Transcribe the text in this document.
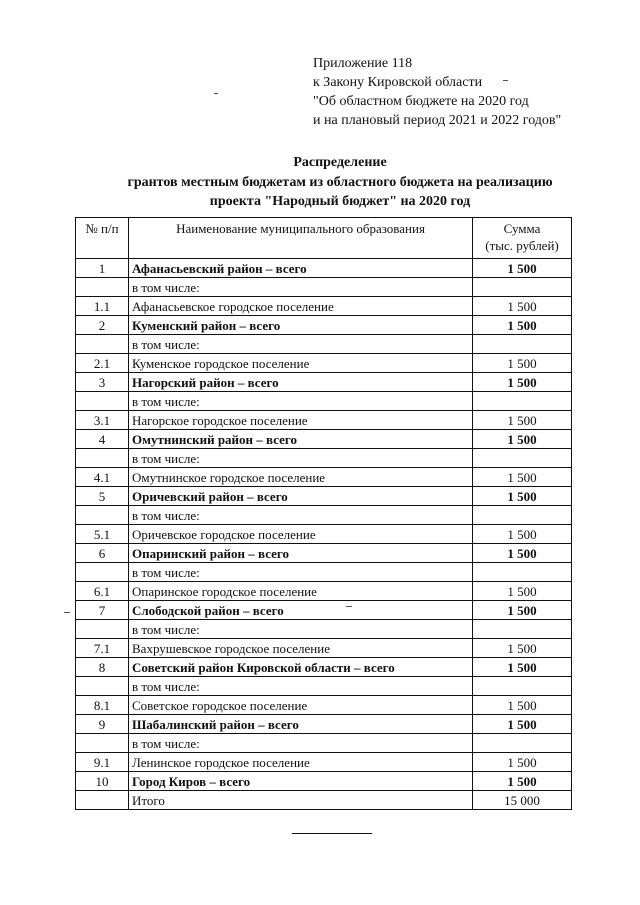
Приложение 118
к Закону Кировской области
"Об областном бюджете на 2020 год
и на плановый период 2021 и 2022 годов"
Распределение
грантов местным бюджетам из областного бюджета на реализацию
проекта "Народный бюджет" на 2020 год
№ п/п	Наименование муниципального образования	Сумма
(тыс. рублей)

1	Афанасьевский район – всего	1 500
	в том числе:	
1.1	Афанасьевское городское поселение	1 500
2	Куменский район – всего	1 500
	в том числе:	
2.1	Куменское городское поселение	1 500
3	Нагорский район – всего	1 500
	в том числе:	
3.1	Нагорское городское поселение	1 500
4	Омутнинский район – всего	1 500
	в том числе:	
4.1	Омутнинское городское поселение	1 500
5	Оричевский район – всего	1 500
	в том числе:	
5.1	Оричевское городское поселение	1 500
6	Опаринский район – всего	1 500
	в том числе:	
6.1	Опаринское городское поселение	1 500
7	Слободской район – всего	1 500
	в том числе:	
7.1	Вахрушевское городское поселение	1 500
8	Советский район Кировской области – всего	1 500
	в том числе:	
8.1	Советское городское поселение	1 500
9	Шабалинский район – всего	1 500
	в том числе:	
9.1	Ленинское городское поселение	1 500
10	Город Киров – всего	1 500
	Итого	15 000
